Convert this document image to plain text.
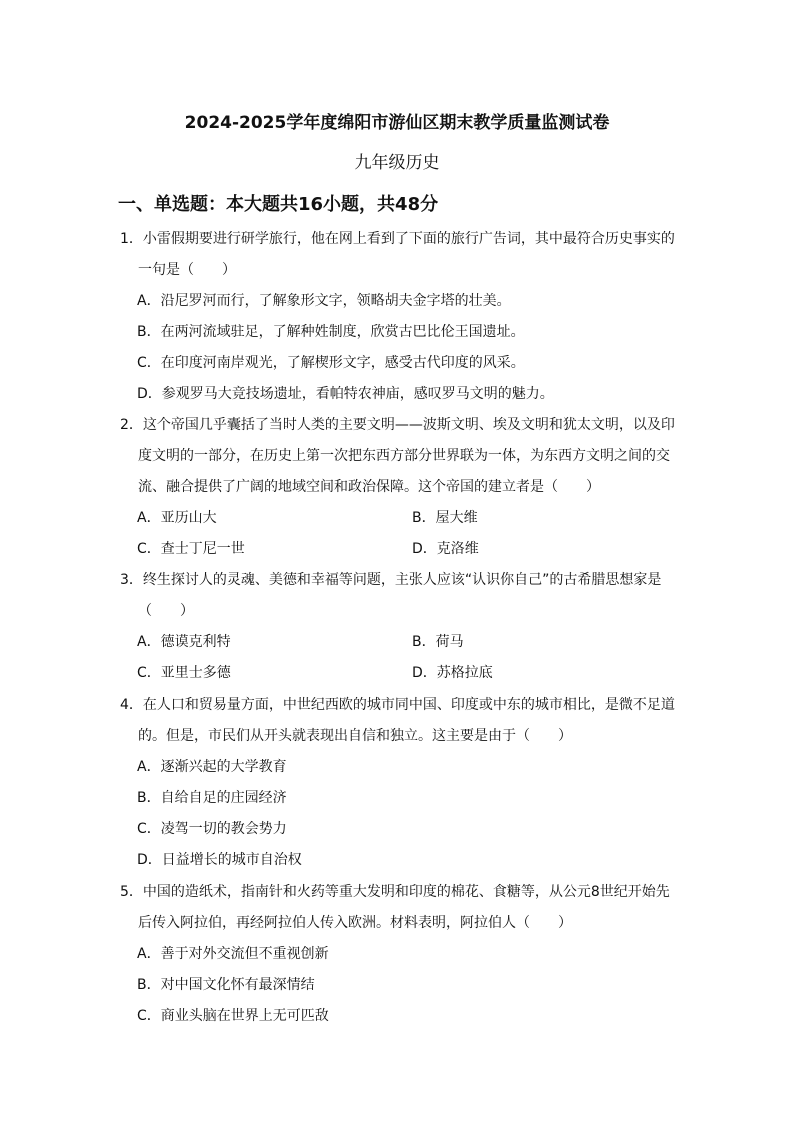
2024-2025学年度绵阳市游仙区期末教学质量监测试卷
九年级历史
一、单选题：本大题共16小题，共48分
1．小雷假期要进行研学旅行，他在网上看到了下面的旅行广告词，其中最符合历史事实的
一句是（　　）
A．沿尼罗河而行，了解象形文字，领略胡夫金字塔的壮美。
B．在两河流域驻足，了解种姓制度，欣赏古巴比伦王国遗址。
C．在印度河南岸观光，了解楔形文字，感受古代印度的风采。
D．参观罗马大竞技场遗址，看帕特农神庙，感叹罗马文明的魅力。
2．这个帝国几乎囊括了当时人类的主要文明——波斯文明、埃及文明和犹太文明，以及印
度文明的一部分，在历史上第一次把东西方部分世界联为一体，为东西方文明之间的交
流、融合提供了广阔的地域空间和政治保障。这个帝国的建立者是（　　）
A．亚历山大	B．屋大维
C．查士丁尼一世	D．克洛维
3．终生探讨人的灵魂、美德和幸福等问题，主张人应该“认识你自己”的古希腊思想家是
（　　）
A．德谟克利特	B．荷马
C．亚里士多德	D．苏格拉底
4．在人口和贸易量方面，中世纪西欧的城市同中国、印度或中东的城市相比，是微不足道
的。但是，市民们从开头就表现出自信和独立。这主要是由于（　　）
A．逐渐兴起的大学教育
B．自给自足的庄园经济
C．凌驾一切的教会势力
D．日益增长的城市自治权
5．中国的造纸术，指南针和火药等重大发明和印度的棉花、食糖等，从公元8世纪开始先
后传入阿拉伯，再经阿拉伯人传入欧洲。材料表明，阿拉伯人（　　）
A．善于对外交流但不重视创新
B．对中国文化怀有最深情结
C．商业头脑在世界上无可匹敌
